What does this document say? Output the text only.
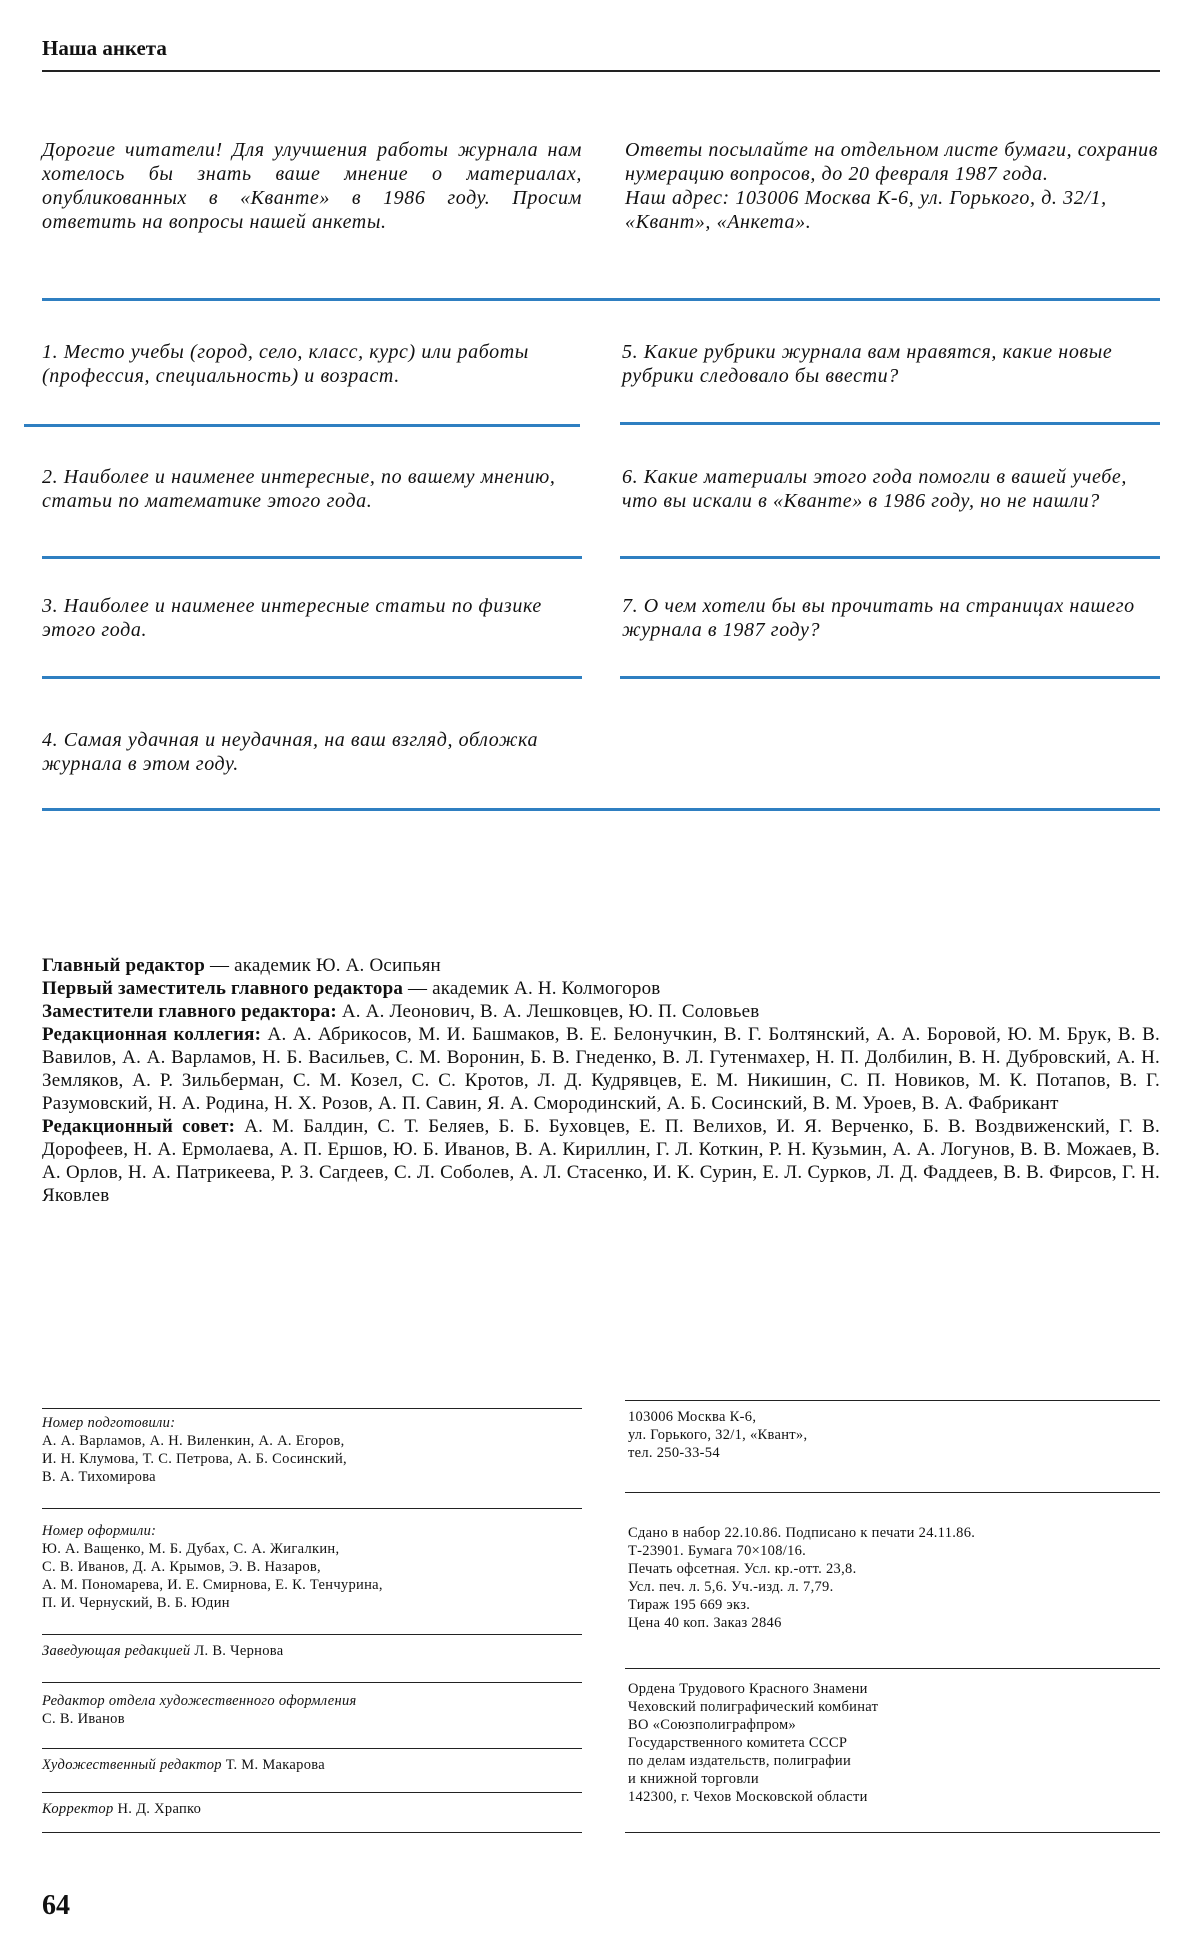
Наша анкета

Дорогие читатели! Для улучшения работы журнала нам хотелось бы знать ваше мнение о материалах, опубликованных в «Кванте» в 1986 году. Просим ответить на вопросы нашей анкеты.

Ответы посылайте на отдельном листе бумаги, сохранив нумерацию вопросов, до 20 февраля 1987 года.

Наш адрес: 103006 Москва К-6, ул. Горького, д. 32/1, «Квант», «Анкета».

1. Место учебы (город, село, класс, курс) или работы (профессия, специальность) и возраст.
2. Наиболее и наименее интересные, по вашему мнению, статьи по математике этого года.
3. Наиболее и наименее интересные статьи по физике этого года.
4. Самая удачная и неудачная, на ваш взгляд, обложка журнала в этом году.
5. Какие рубрики журнала вам нравятся, какие новые рубрики следовало бы ввести?
6. Какие материалы этого года помогли в вашей учебе, что вы искали в «Кванте» в 1986 году, но не нашли?
7. О чем хотели бы вы прочитать на страницах нашего журнала в 1987 году?

Главный редактор — академик Ю. А. Осипьян

Первый заместитель главного редактора — академик А. Н. Колмогоров

Заместители главного редактора: А. А. Леонович, В. А. Лешковцев, Ю. П. Соловьев

Редакционная коллегия: А. А. Абрикосов, М. И. Башмаков, В. Е. Белонучкин, В. Г. Болтянский, А. А. Боровой, Ю. М. Брук, В. В. Вавилов, А. А. Варламов, Н. Б. Васильев, С. М. Воронин, Б. В. Гнеденко, В. Л. Гутенмахер, Н. П. Долбилин, В. Н. Дубровский, А. Н. Земляков, А. Р. Зильберман, С. М. Козел, С. С. Кротов, Л. Д. Кудрявцев, Е. М. Никишин, С. П. Новиков, М. К. Потапов, В. Г. Разумовский, Н. А. Родина, Н. Х. Розов, А. П. Савин, Я. А. Смородинский, А. Б. Сосинский, В. М. Уроев, В. А. Фабрикант

Редакционный совет: А. М. Балдин, С. Т. Беляев, Б. Б. Буховцев, Е. П. Велихов, И. Я. Верченко, Б. В. Воздвиженский, Г. В. Дорофеев, Н. А. Ермолаева, А. П. Ершов, Ю. Б. Иванов, В. А. Кириллин, Г. Л. Коткин, Р. Н. Кузьмин, А. А. Логунов, В. В. Можаев, В. А. Орлов, Н. А. Патрикеева, Р. З. Сагдеев, С. Л. Соболев, А. Л. Стасенко, И. К. Сурин, Е. Л. Сурков, Л. Д. Фаддеев, В. В. Фирсов, Г. Н. Яковлев

Номер подготовили:

А. А. Варламов, А. Н. Виленкин, А. А. Егоров,

И. Н. Клумова, Т. С. Петрова, А. Б. Сосинский,

В. А. Тихомирова

Номер оформили:

Ю. А. Ващенко, М. Б. Дубах, С. А. Жигалкин,

С. В. Иванов, Д. А. Крымов, Э. В. Назаров,

А. М. Пономарева, И. Е. Смирнова, Е. К. Тенчурина,

П. И. Чернуский, В. Б. Юдин

Заведующая редакцией Л. В. Чернова

Редактор отдела художественного оформления

С. В. Иванов

Художественный редактор Т. М. Макарова

Корректор Н. Д. Храпко

103006 Москва К-6,

ул. Горького, 32/1, «Квант»,

тел. 250-33-54

Сдано в набор 22.10.86. Подписано к печати 24.11.86.

Т-23901. Бумага 70×108/16.

Печать офсетная. Усл. кр.-отт. 23,8.

Усл. печ. л. 5,6. Уч.-изд. л. 7,79.

Тираж 195 669 экз.

Цена 40 коп. Заказ 2846

Ордена Трудового Красного Знамени

Чеховский полиграфический комбинат

ВО «Союзполиграфпром»

Государственного комитета СССР

по делам издательств, полиграфии

и книжной торговли

142300, г. Чехов Московской области

64
